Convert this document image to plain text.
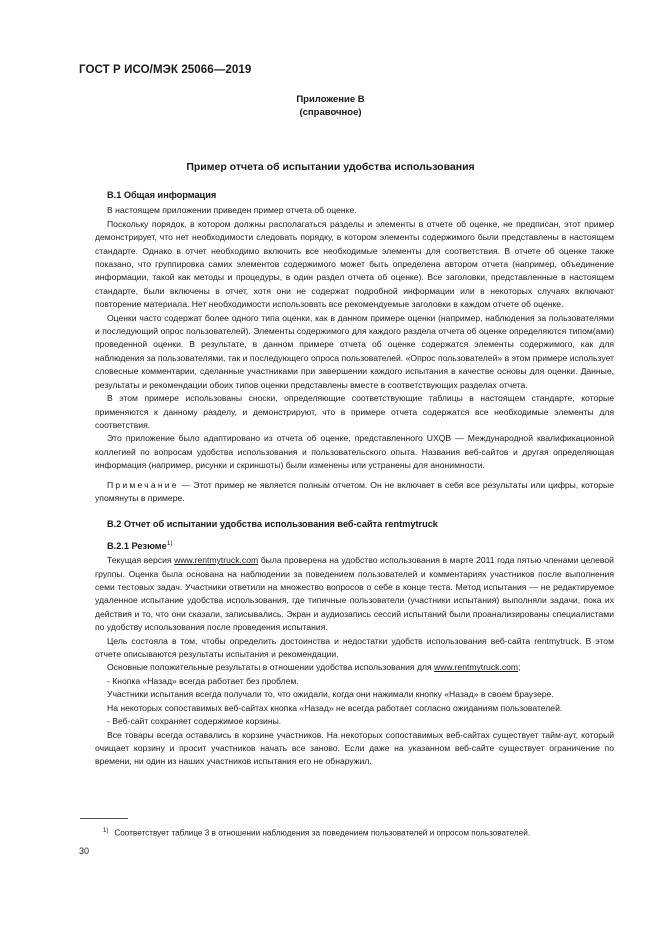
ГОСТ Р ИСО/МЭК 25066—2019
Приложение В
(справочное)
Пример отчета об испытании удобства использования
В.1 Общая информация

В настоящем приложении приведен пример отчета об оценке.

Поскольку порядок, в котором должны располагаться разделы и элементы в отчете об оценке, не предписан, этот пример демонстрирует, что нет необходимости следовать порядку, в котором элементы содержимого были представлены в настоящем стандарте. Однако в отчет необходимо включить все необходимые элементы для соответствия. В отчете об оценке также показано, что группировка самих элементов содержимого может быть определена автором отчета (например, объединение информации, такой как методы и процедуры, в один раздел отчета об оценке). Все заголовки, представленные в настоящем стандарте, были включены в отчет, хотя они не содержат подробной информации или в некоторых случаях включают повторение материала. Нет необходимости использовать все рекомендуемые заголовки в каждом отчете об оценке.

Оценки часто содержат более одного типа оценки, как в данном примере оценки (например, наблюдения за пользователями и последующий опрос пользователей). Элементы содержимого для каждого раздела отчета об оценке определяются типом(ами) проведенной оценки. В результате, в данном примере отчета об оценке содержатся элементы содержимого, как для наблюдения за пользователями, так и последующего опроса пользователей. «Опрос пользователей» в этом примере использует словесные комментарии, сделанные участниками при завершении каждого испытания в качестве основы для оценки. Данные, результаты и рекомендации обоих типов оценки представлены вместе в соответствующих разделах отчета.

В этом примере использованы сноски, определяющие соответствующие таблицы в настоящем стандарте, которые применяются к данному разделу, и демонстрируют, что в примере отчета содержатся все необходимые элементы для соответствия.

Это приложение было адаптировано из отчета об оценке, представленного UXQB — Международной квалификационной коллегией по вопросам удобства использования и пользовательского опыта. Названия веб-сайтов и другая определяющая информация (например, рисунки и скриншоты) были изменены или устранены для анонимности.

Примечание — Этот пример не является полным отчетом. Он не включает в себя все результаты или цифры, которые упомянуты в примере.

В.2 Отчет об испытании удобства использования веб-сайта rentmytruck
В.2.1 Резюме$^{1)}$

Текущая версия www.rentmytruck.com была проверена на удобство использования в марте 2011 года пятью членами целевой группы. Оценка была основана на наблюдении за поведением пользователей и комментариях участников после выполнения семи тестовых задач. Участники ответили на множество вопросов о себе в конце теста. Метод испытания — не редактируемое удаленное испытание удобства использования, где типичные пользователи (участники испытания) выполняли задачи, пока их действия и то, что они сказали, записывались. Экран и аудиозапись сессий испытаний были проанализированы специалистами по удобству использования после проведения испытания.

Цель состояла в том, чтобы определить достоинства и недостатки удобств использования веб-сайта rentmytruck. В этом отчете описываются результаты испытания и рекомендации.

Основные положительные результаты в отношении удобства использования для www.rentmytruck.com;

- Кнопка «Назад» всегда работает без проблем.

Участники испытания всегда получали то, что ожидали, когда они нажимали кнопку «Назад» в своем браузере.

На некоторых сопоставимых веб-сайтах кнопка «Назад» не всегда работает согласно ожиданиям пользователей.

- Веб-сайт сохраняет содержимое корзины.

Все товары всегда оставались в корзине участников. На некоторых сопоставимых веб-сайтах существует тайм-аут, который очищает корзину и просит участников начать все заново. Если даже на указанном веб-сайте существует ограничение по времени, ни один из наших участников испытания его не обнаружил.

$^{1)}$ Соответствует таблице 3 в отношении наблюдения за поведением пользователей и опросом пользователей.
30
